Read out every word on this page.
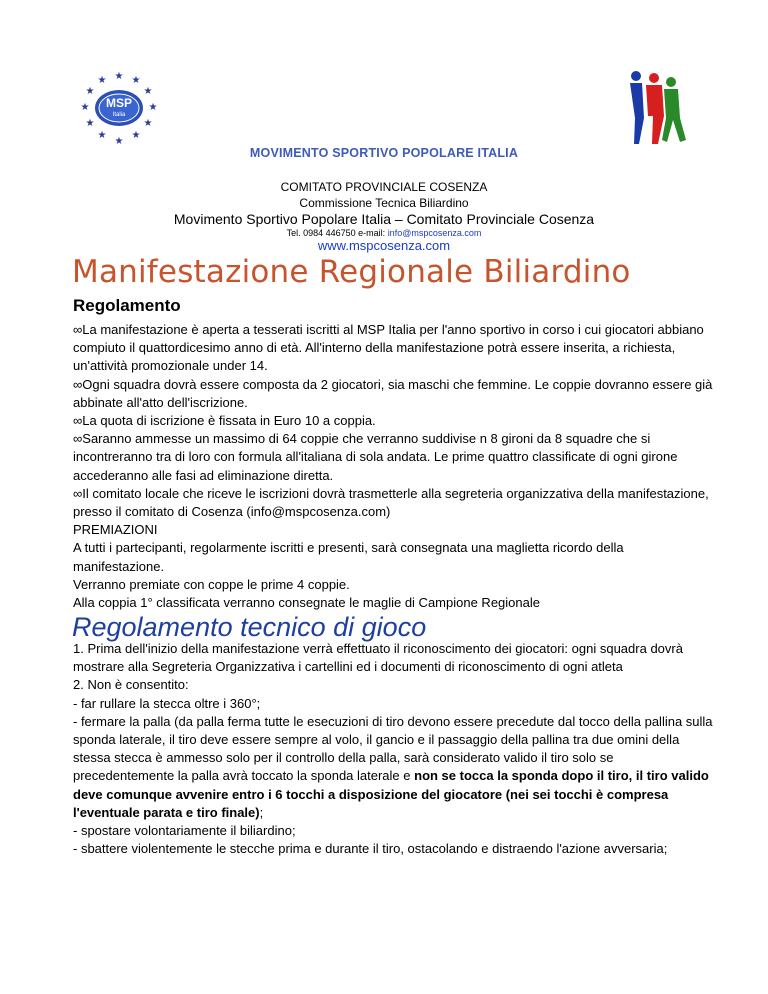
★ ★
★
★
★
★
★
★
★
★
★
★
MSP
Italia
MOVIMENTO SPORTIVO POPOLARE ITALIA
COMITATO PROVINCIALE COSENZA
Commissione Tecnica Biliardino
Movimento Sportivo Popolare Italia – Comitato Provinciale Cosenza
Tel. 0984 446750 e-mail: info@mspcosenza.com
www.mspcosenza.com
Manifestazione Regionale Biliardino
Regolamento

∞La manifestazione è aperta a tesserati iscritti al MSP Italia per l'anno sportivo in corso i cui giocatori abbiano compiuto il quattordicesimo anno di età. All'interno della manifestazione potrà essere inserita, a richiesta, un'attività promozionale under 14.

∞Ogni squadra dovrà essere composta da 2 giocatori, sia maschi che femmine. Le coppie dovranno essere già abbinate all'atto dell'iscrizione.

∞La quota di iscrizione è fissata in Euro 10 a coppia.

∞Saranno ammesse un massimo di 64 coppie che verranno suddivise n 8 gironi da 8 squadre che si incontreranno tra di loro con formula all'italiana di sola andata. Le prime quattro classificate di ogni girone accederanno alle fasi ad eliminazione diretta.

∞Il comitato locale che riceve le iscrizioni dovrà trasmetterle alla segreteria organizzativa della manifestazione, presso il comitato di Cosenza (info@mspcosenza.com)

PREMIAZIONI

A tutti i partecipanti, regolarmente iscritti e presenti, sarà consegnata una maglietta ricordo della manifestazione.

Verranno premiate con coppe le prime 4 coppie.

Alla coppia 1° classificata verranno consegnate le maglie di Campione Regionale

Regolamento tecnico di gioco

1. Prima dell'inizio della manifestazione verrà effettuato il riconoscimento dei giocatori: ogni squadra dovrà mostrare alla Segreteria Organizzativa i cartellini ed i documenti di riconoscimento di ogni atleta

2. Non è consentito:

- far rullare la stecca oltre i 360°;

- fermare la palla (da palla ferma tutte le esecuzioni di tiro devono essere precedute dal tocco della pallina sulla sponda laterale, il tiro deve essere sempre al volo, il gancio e il passaggio della pallina tra due omini della stessa stecca è ammesso solo per il controllo della palla, sarà considerato valido il tiro solo se precedentemente la palla avrà toccato la sponda laterale e non se tocca la sponda dopo il tiro, il tiro valido deve comunque avvenire entro i 6 tocchi a disposizione del giocatore (nei sei tocchi è compresa l'eventuale parata e tiro finale);

- spostare volontariamente il biliardino;

- sbattere violentemente le stecche prima e durante il tiro, ostacolando e distraendo l'azione avversaria;
